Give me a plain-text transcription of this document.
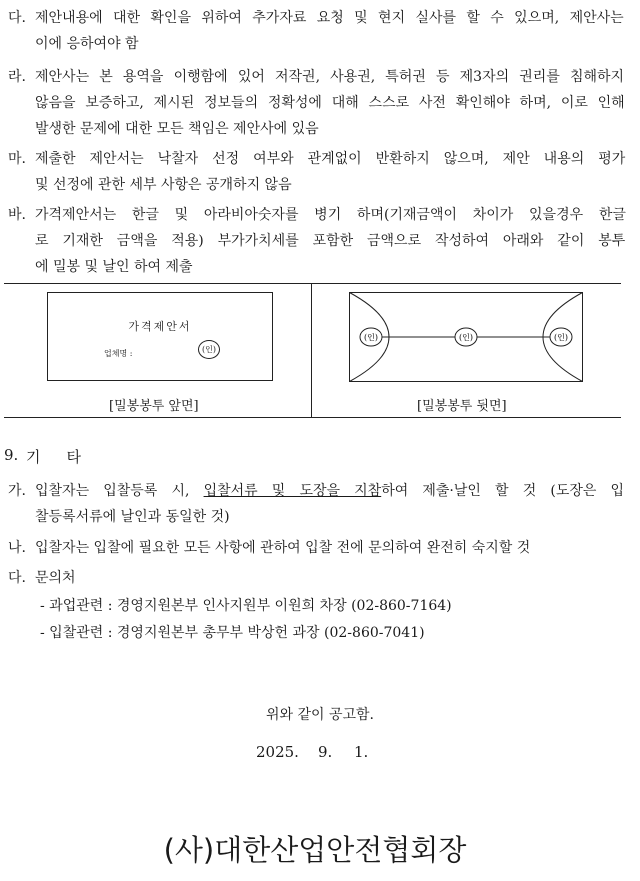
다. 제안내용에 대한 확인을 위하여 추가자료 요청 및 현지 실사를 할 수 있으며, 제안사는
이에 응하여야 함
라. 제안사는 본 용역을 이행함에 있어 저작권, 사용권, 특허권 등 제3자의 권리를 침해하지
않음을 보증하고, 제시된 정보들의 정확성에 대해 스스로 사전 확인해야 하며, 이로 인해
발생한 문제에 대한 모든 책임은 제안사에 있음
마. 제출한 제안서는 낙찰자 선정 여부와 관계없이 반환하지 않으며, 제안 내용의 평가
및 선정에 관한 세부 사항은 공개하지 않음
바. 가격제안서는 한글 및 아라비아숫자를 병기 하며(기재금액이 차이가 있을경우 한글
로 기재한 금액을 적용) 부가가치세를 포함한 금액으로 작성하여 아래와 같이 봉투
에 밀봉 및 날인 하여 제출
가격제안서
업체명 :	(인)
(인)	(인)	(인)
[밀봉봉투 앞면]	[밀봉봉투 뒷면]
9. 기타
가. 입찰자는 입찰등록 시, 입찰서류 및 도장을 지참하여 제출·날인 할 것 (도장은 입
찰등록서류에 날인과 동일한 것)
나. 입찰자는 입찰에 필요한 모든 사항에 관하여 입찰 전에 문의하여 완전히 숙지할 것
다. 문의처
- 과업관련 : 경영지원본부 인사지원부 이원희 차장 (02-860-7164)
- 입찰관련 : 경영지원본부 총무부 박상헌 과장 (02-860-7041)
위와 같이 공고함.
2025. 9. 1.
(사)대한산업안전협회장
